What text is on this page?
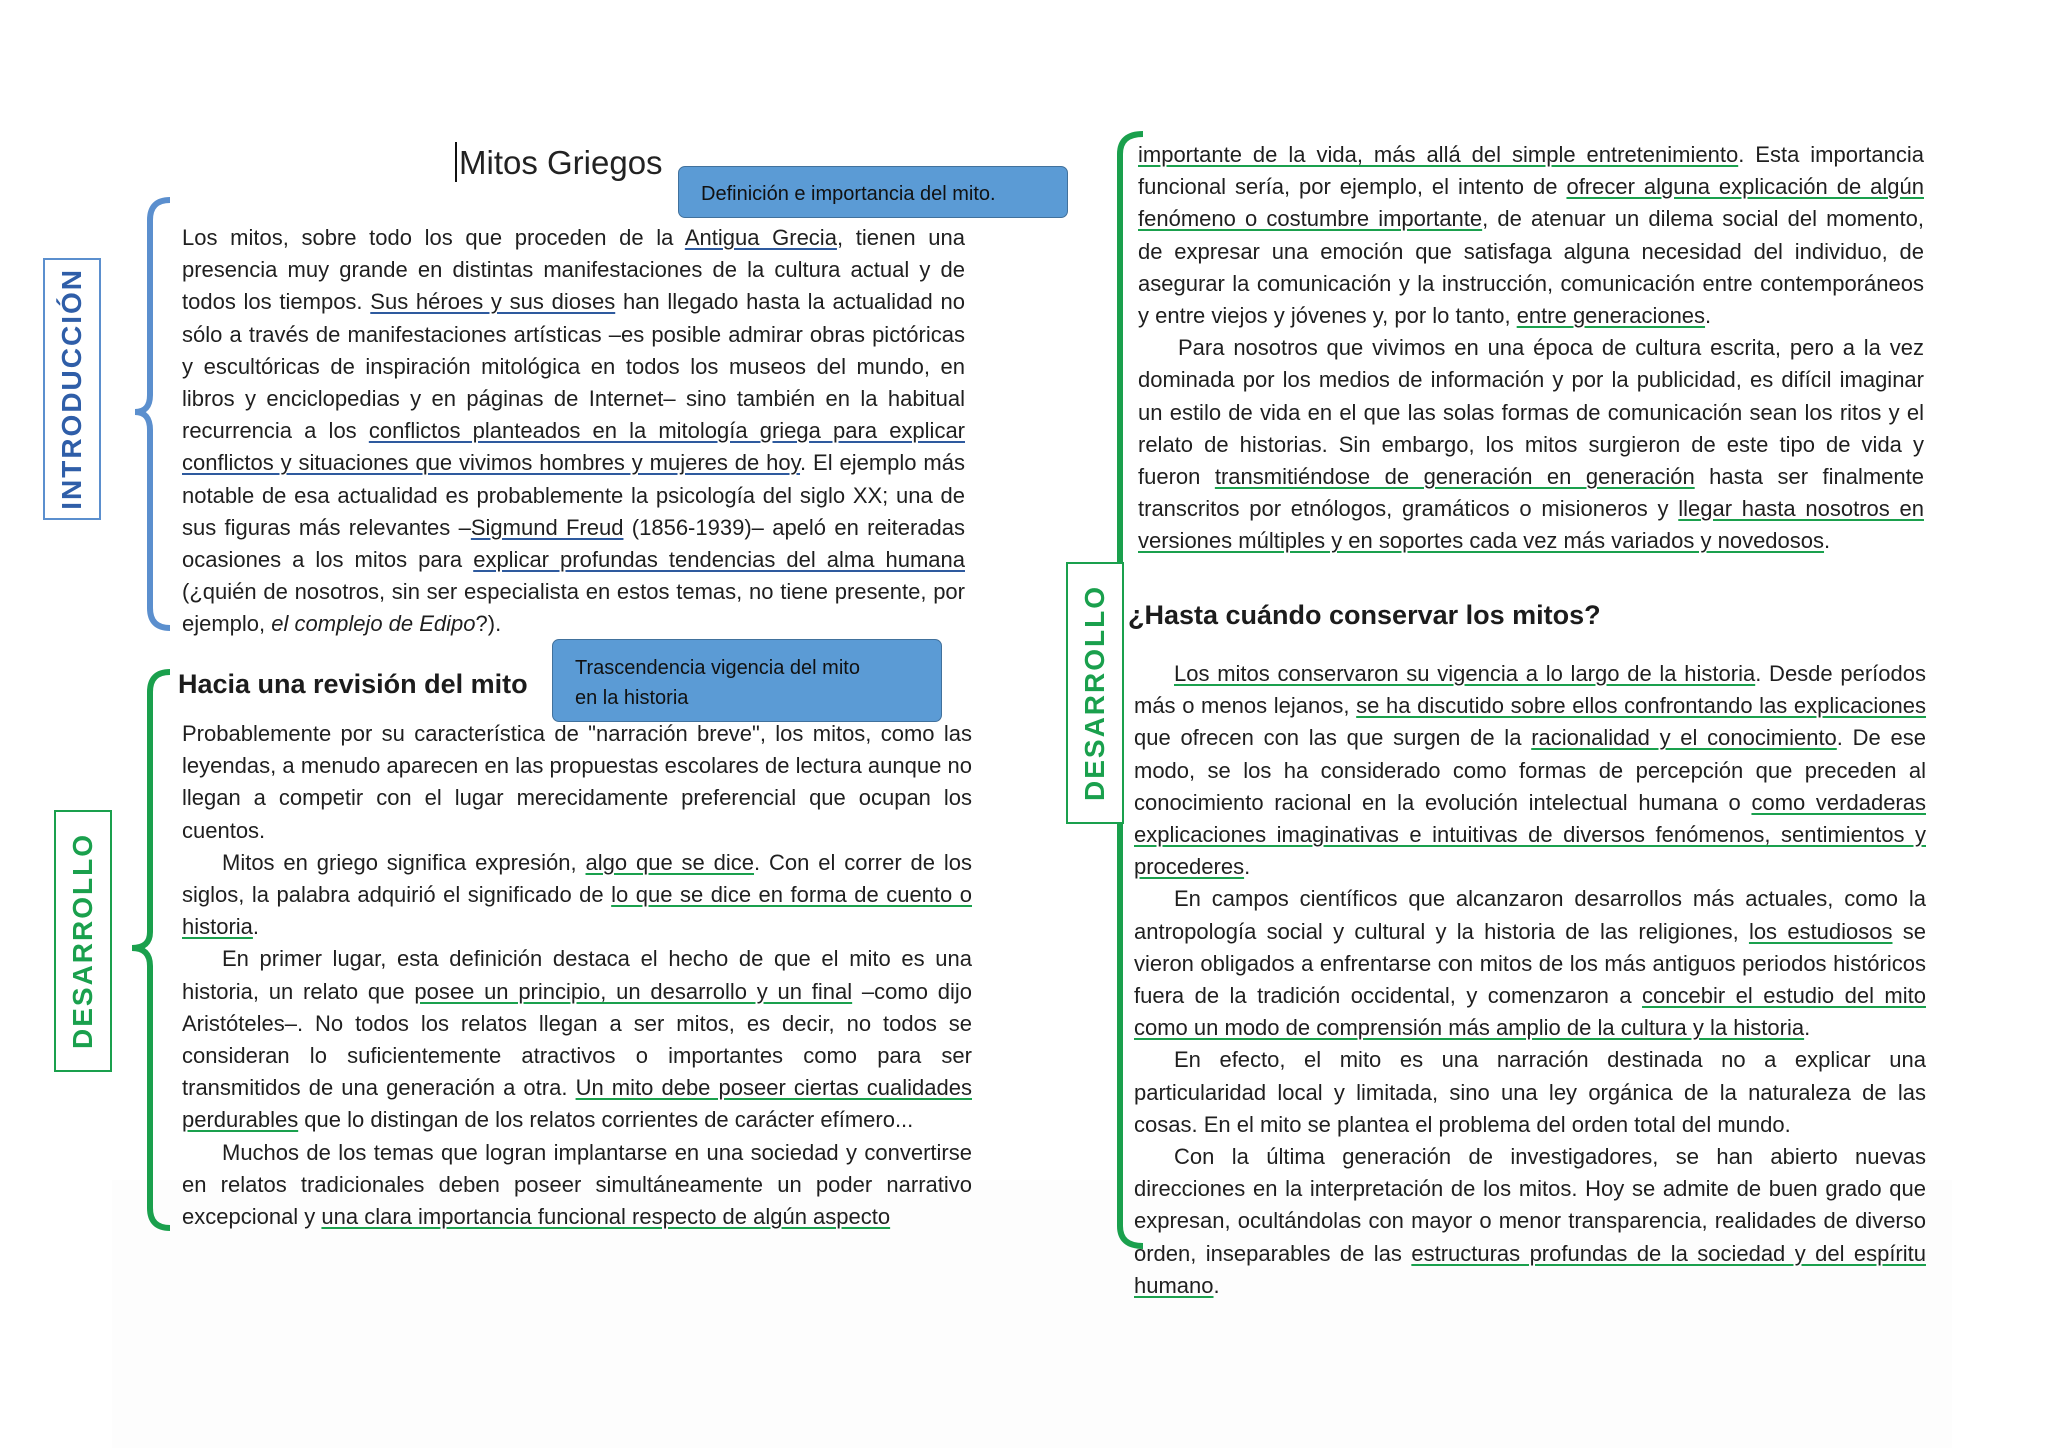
INTRODUCCIÓN
DESARROLLO
DESARROLLO
Mitos Griegos
Definición e importancia del mito.
Trascendencia vigencia del mito
en la historia

Los mitos, sobre todo los que proceden de la Antigua Grecia, tienen una presencia muy grande en distintas manifestaciones de la cultura actual y de todos los tiempos. Sus héroes y sus dioses han llegado hasta la actualidad no sólo a través de manifestaciones artísticas –es posible admirar obras pictóricas y escultóricas de inspiración mitológica en todos los museos del mundo, en libros y enciclopedias y en páginas de Internet– sino también en la habitual recurrencia a los conflictos planteados en la mitología griega para explicar conflictos y situaciones que vivimos hombres y mujeres de hoy. El ejemplo más notable de esa actualidad es probablemente la psicología del siglo XX; una de sus figuras más relevantes –Sigmund Freud (1856-1939)– apeló en reiteradas ocasiones a los mitos para explicar profundas tendencias del alma humana (¿quién de nosotros, sin ser especialista en estos temas, no tiene presente, por ejemplo, el complejo de Edipo?).

Hacia una revisión del mito

Probablemente por su característica de "narración breve", los mitos, como las leyendas, a menudo aparecen en las propuestas escolares de lectura aunque no llegan a competir con el lugar merecidamente preferencial que ocupan los cuentos.

Mitos en griego significa expresión, algo que se dice. Con el correr de los siglos, la palabra adquirió el significado de lo que se dice en forma de cuento o historia.

En primer lugar, esta definición destaca el hecho de que el mito es una historia, un relato que posee un principio, un desarrollo y un final –como dijo Aristóteles–. No todos los relatos llegan a ser mitos, es decir, no todos se consideran lo suficientemente atractivos o importantes como para ser transmitidos de una generación a otra. Un mito debe poseer ciertas cualidades perdurables que lo distingan de los relatos corrientes de carácter efímero...

Muchos de los temas que logran implantarse en una sociedad y convertirse en relatos tradicionales deben poseer simultáneamente un poder narrativo excepcional y una clara importancia funcional respecto de algún aspecto

importante de la vida, más allá del simple entretenimiento. Esta importancia funcional sería, por ejemplo, el intento de ofrecer alguna explicación de algún fenómeno o costumbre importante, de atenuar un dilema social del momento, de expresar una emoción que satisfaga alguna necesidad del individuo, de asegurar la comunicación y la instrucción, comunicación entre contemporáneos y entre viejos y jóvenes y, por lo tanto, entre generaciones.

Para nosotros que vivimos en una época de cultura escrita, pero a la vez dominada por los medios de información y por la publicidad, es difícil imaginar un estilo de vida en el que las solas formas de comunicación sean los ritos y el relato de historias. Sin embargo, los mitos surgieron de este tipo de vida y fueron transmitiéndose de generación en generación hasta ser finalmente transcritos por etnólogos, gramáticos o misioneros y llegar hasta nosotros en versiones múltiples y en soportes cada vez más variados y novedosos.

¿Hasta cuándo conservar los mitos?

Los mitos conservaron su vigencia a lo largo de la historia. Desde períodos más o menos lejanos, se ha discutido sobre ellos confrontando las explicaciones que ofrecen con las que surgen de la racionalidad y el conocimiento. De ese modo, se los ha considerado como formas de percepción que preceden al conocimiento racional en la evolución intelectual humana o como verdaderas explicaciones imaginativas e intuitivas de diversos fenómenos, sentimientos y procederes.

En campos científicos que alcanzaron desarrollos más actuales, como la antropología social y cultural y la historia de las religiones, los estudiosos se vieron obligados a enfrentarse con mitos de los más antiguos periodos históricos fuera de la tradición occidental, y comenzaron a concebir el estudio del mito como un modo de comprensión más amplio de la cultura y la historia.

En efecto, el mito es una narración destinada no a explicar una particularidad local y limitada, sino una ley orgánica de la naturaleza de las cosas. En el mito se plantea el problema del orden total del mundo.

Con la última generación de investigadores, se han abierto nuevas direcciones en la interpretación de los mitos. Hoy se admite de buen grado que expresan, ocultándolas con mayor o menor transparencia, realidades de diverso orden, inseparables de las estructuras profundas de la sociedad y del espíritu humano.
